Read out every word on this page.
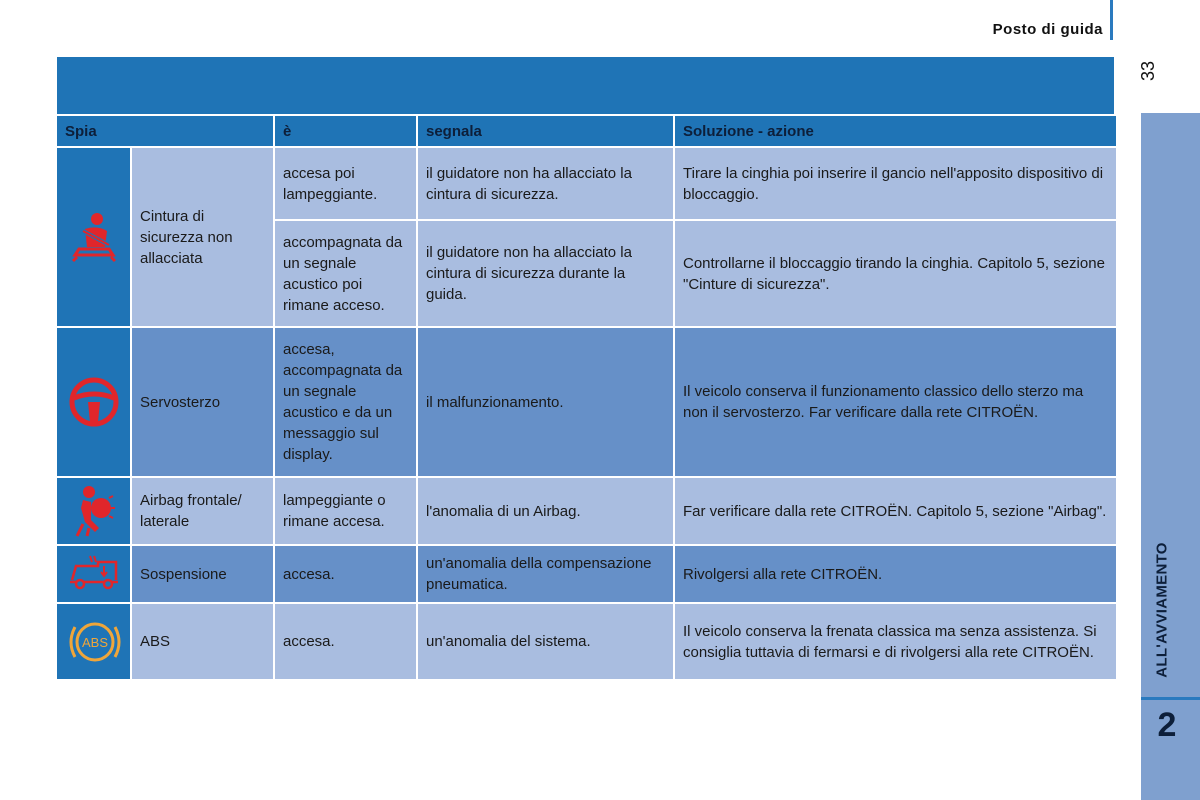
Posto di guida
33
ALL'AVVIAMENTO
2
Spia		è	segnala	Soluzione - azione

	Cintura di sicurezza non allacciata	accesa poi lampeggiante.	il guidatore non ha allacciato la cintura di sicurezza.	Tirare la cinghia poi inserire il gancio nell'apposito dispositivo di bloccaggio.
		accompagnata da un segnale acustico poi rimane acceso.	il guidatore non ha allacciato la cintura di sicurezza durante la guida.	Controllarne il bloccaggio tirando la cinghia. Capitolo 5, sezione "Cinture di sicurezza".

	Servosterzo	accesa, accompagnata da un segnale acustico e da un messaggio sul display.	il malfunzionamento.	Il veicolo conserva il funzionamento classico dello sterzo ma non il servosterzo. Far verificare dalla rete CITROËN.

	Airbag frontale/ laterale	lampeggiante o rimane accesa.	l'anomalia di un Airbag.	Far verificare dalla rete CITROËN. Capitolo 5, sezione "Airbag".

	Sospensione	accesa.	un'anomalia della compensazione pneumatica.	Rivolgersi alla rete CITROËN.

ABS	ABS	accesa.	un'anomalia del sistema.	Il veicolo conserva la frenata classica ma senza assistenza. Si consiglia tuttavia di fermarsi e di rivolgersi alla rete CITROËN.
